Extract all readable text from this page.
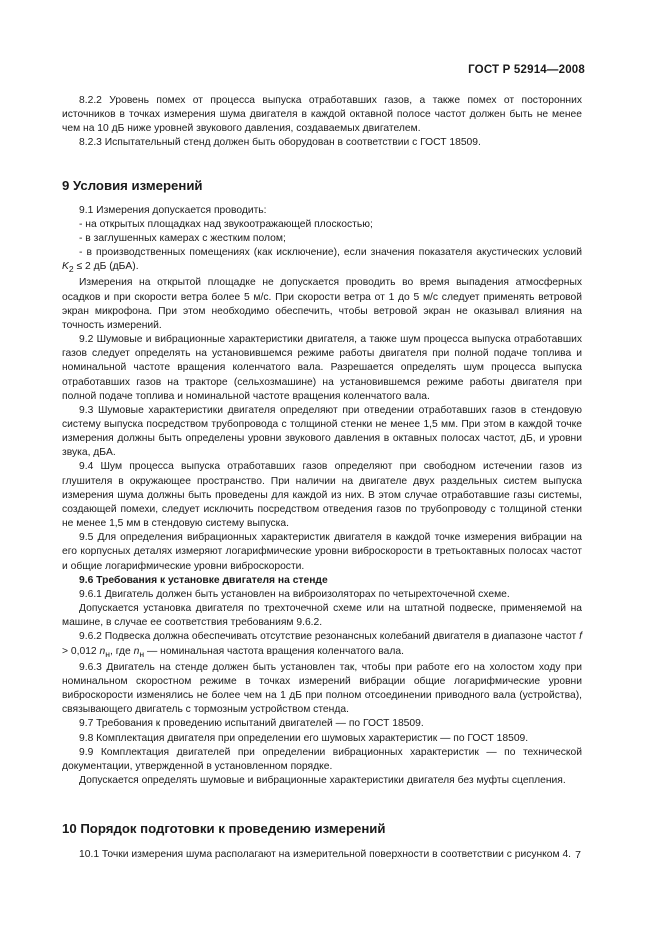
ГОСТ Р 52914—2008

8.2.2 Уровень помех от процесса выпуска отработавших газов, а также помех от посторонних источников в точках измерения шума двигателя в каждой октавной полосе частот должен быть не менее чем на 10 дБ ниже уровней звукового давления, создаваемых двигателем.

8.2.3 Испытательный стенд должен быть оборудован в соответствии с ГОСТ 18509.

9 Условия измерений

9.1 Измерения допускается проводить:

- на открытых площадках над звукоотражающей плоскостью;

- в заглушенных камерах с жестким полом;

- в производственных помещениях (как исключение), если значения показателя акустических условий $K_2 \le 2$ дБ (дБA).

Измерения на открытой площадке не допускается проводить во время выпадения атмосферных осадков и при скорости ветра более 5 м/с. При скорости ветра от 1 до 5 м/с следует применять ветровой экран микрофона. При этом необходимо обеспечить, чтобы ветровой экран не оказывал влияния на точность измерений.

9.2 Шумовые и вибрационные характеристики двигателя, а также шум процесса выпуска отработавших газов следует определять на установившемся режиме работы двигателя при полной подаче топлива и номинальной частоте вращения коленчатого вала. Разрешается определять шум процесса выпуска отработавших газов на тракторе (сельхозмашине) на установившемся режиме работы двигателя при полной подаче топлива и номинальной частоте вращения коленчатого вала.

9.3 Шумовые характеристики двигателя определяют при отведении отработавших газов в стендовую систему выпуска посредством трубопровода с толщиной стенки не менее 1,5 мм. При этом в каждой точке измерения должны быть определены уровни звукового давления в октавных полосах частот, дБ, и уровни звука, дБA.

9.4 Шум процесса выпуска отработавших газов определяют при свободном истечении газов из глушителя в окружающее пространство. При наличии на двигателе двух раздельных систем выпуска измерения шума должны быть проведены для каждой из них. В этом случае отработавшие газы системы, создающей помехи, следует исключить посредством отведения газов по трубопроводу с толщиной стенки не менее 1,5 мм в стендовую систему выпуска.

9.5 Для определения вибрационных характеристик двигателя в каждой точке измерения вибрации на его корпусных деталях измеряют логарифмические уровни виброскорости в третьоктавных полосах частот и общие логарифмические уровни виброскорости.

9.6 Требования к установке двигателя на стенде

9.6.1 Двигатель должен быть установлен на виброизоляторах по четырехточечной схеме.

Допускается установка двигателя по трехточечной схеме или на штатной подвеске, применяемой на машине, в случае ее соответствия требованиям 9.6.2.

9.6.2 Подвеска должна обеспечивать отсутствие резонансных колебаний двигателя в диапазоне частот f > 0,012 $n_н$, где $n_н$ — номинальная частота вращения коленчатого вала.

9.6.3 Двигатель на стенде должен быть установлен так, чтобы при работе его на холостом ходу при номинальном скоростном режиме в точках измерений вибрации общие логарифмические уровни виброскорости изменялись не более чем на 1 дБ при полном отсоединении приводного вала (устройства), связывающего двигатель с тормозным устройством стенда.

9.7 Требования к проведению испытаний двигателей — по ГОСТ 18509.

9.8 Комплектация двигателя при определении его шумовых характеристик — по ГОСТ 18509.

9.9 Комплектация двигателей при определении вибрационных характеристик — по технической документации, утвержденной в установленном порядке.

Допускается определять шумовые и вибрационные характеристики двигателя без муфты сцепления.

10 Порядок подготовки к проведению измерений

10.1 Точки измерения шума располагают на измерительной поверхности в соответствии с рисунком 4. 7
